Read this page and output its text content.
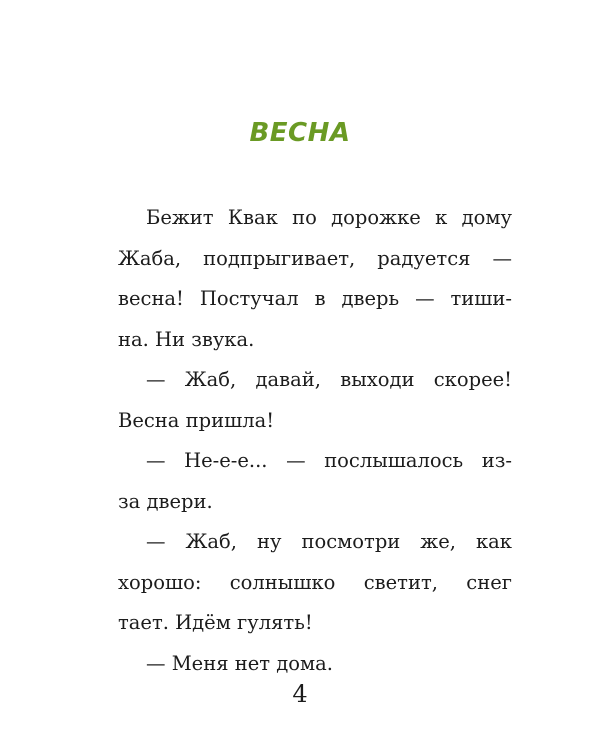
ВЕСНА
Бежит Квак по дорожке к дому
Жаба, подпрыгивает, радуется —
весна! Постучал в дверь — тиши-
на. Ни звука.
— Жаб, давай, выходи скорее!
Весна пришла!
— Не-е-е... — послышалось из-
за двери.
— Жаб, ну посмотри же, как
хорошо: солнышко светит, снег
тает. Идём гулять!
— Меня нет дома.
4
